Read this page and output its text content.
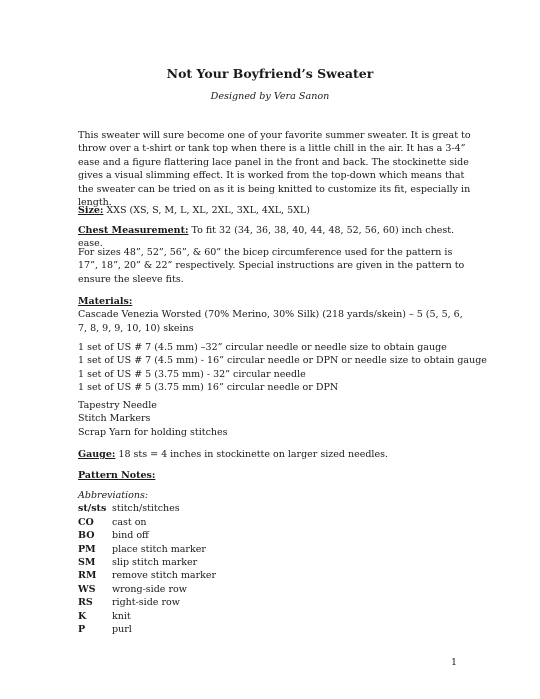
Not Your Boyfriend’s Sweater
Designed by Vera Sanon

This sweater will sure become one of your favorite summer sweater. It is great to throw over a t-shirt or tank top when there is a little chill in the air. It has a 3-4” ease and a figure flattering lace panel in the front and back. The stockinette side gives a visual slimming effect. It is worked from the top-down which means that the sweater can be tried on as it is being knitted to customize its fit, especially in length.

Size: XXS (XS, S, M, L, XL, 2XL, 3XL, 4XL, 5XL)
Chest Measurement: To fit 32 (34, 36, 38, 40, 44, 48, 52, 56, 60) inch chest. ease.

For sizes 48”, 52”, 56”, & 60” the bicep circumference used for the pattern is 17”, 18”, 20” & 22” respectively. Special instructions are given in the pattern to ensure the sleeve fits.

Materials:

Cascade Venezia Worsted (70% Merino, 30% Silk) (218 yards/skein) – 5 (5, 5, 6, 7, 8, 9, 9, 10, 10) skeins

1 set of US # 7 (4.5 mm) –32” circular needle or needle size to obtain gauge
1 set of US # 7 (4.5 mm) - 16” circular needle or DPN or needle size to obtain gauge
1 set of US # 5 (3.75 mm) - 32” circular needle
1 set of US # 5 (3.75 mm) 16” circular needle or DPN
Tapestry Needle
Stitch Markers
Scrap Yarn for holding stitches
Gauge: 18 sts = 4 inches in stockinette on larger sized needles.
Pattern Notes:
Abbreviations:
st/sts stitch/stitches
CO	cast on
BO	bind off
PM	place stitch marker
SM	slip stitch marker
RM	remove stitch marker
WS	wrong-side row
RS	right-side row
K	knit
P	purl
1
